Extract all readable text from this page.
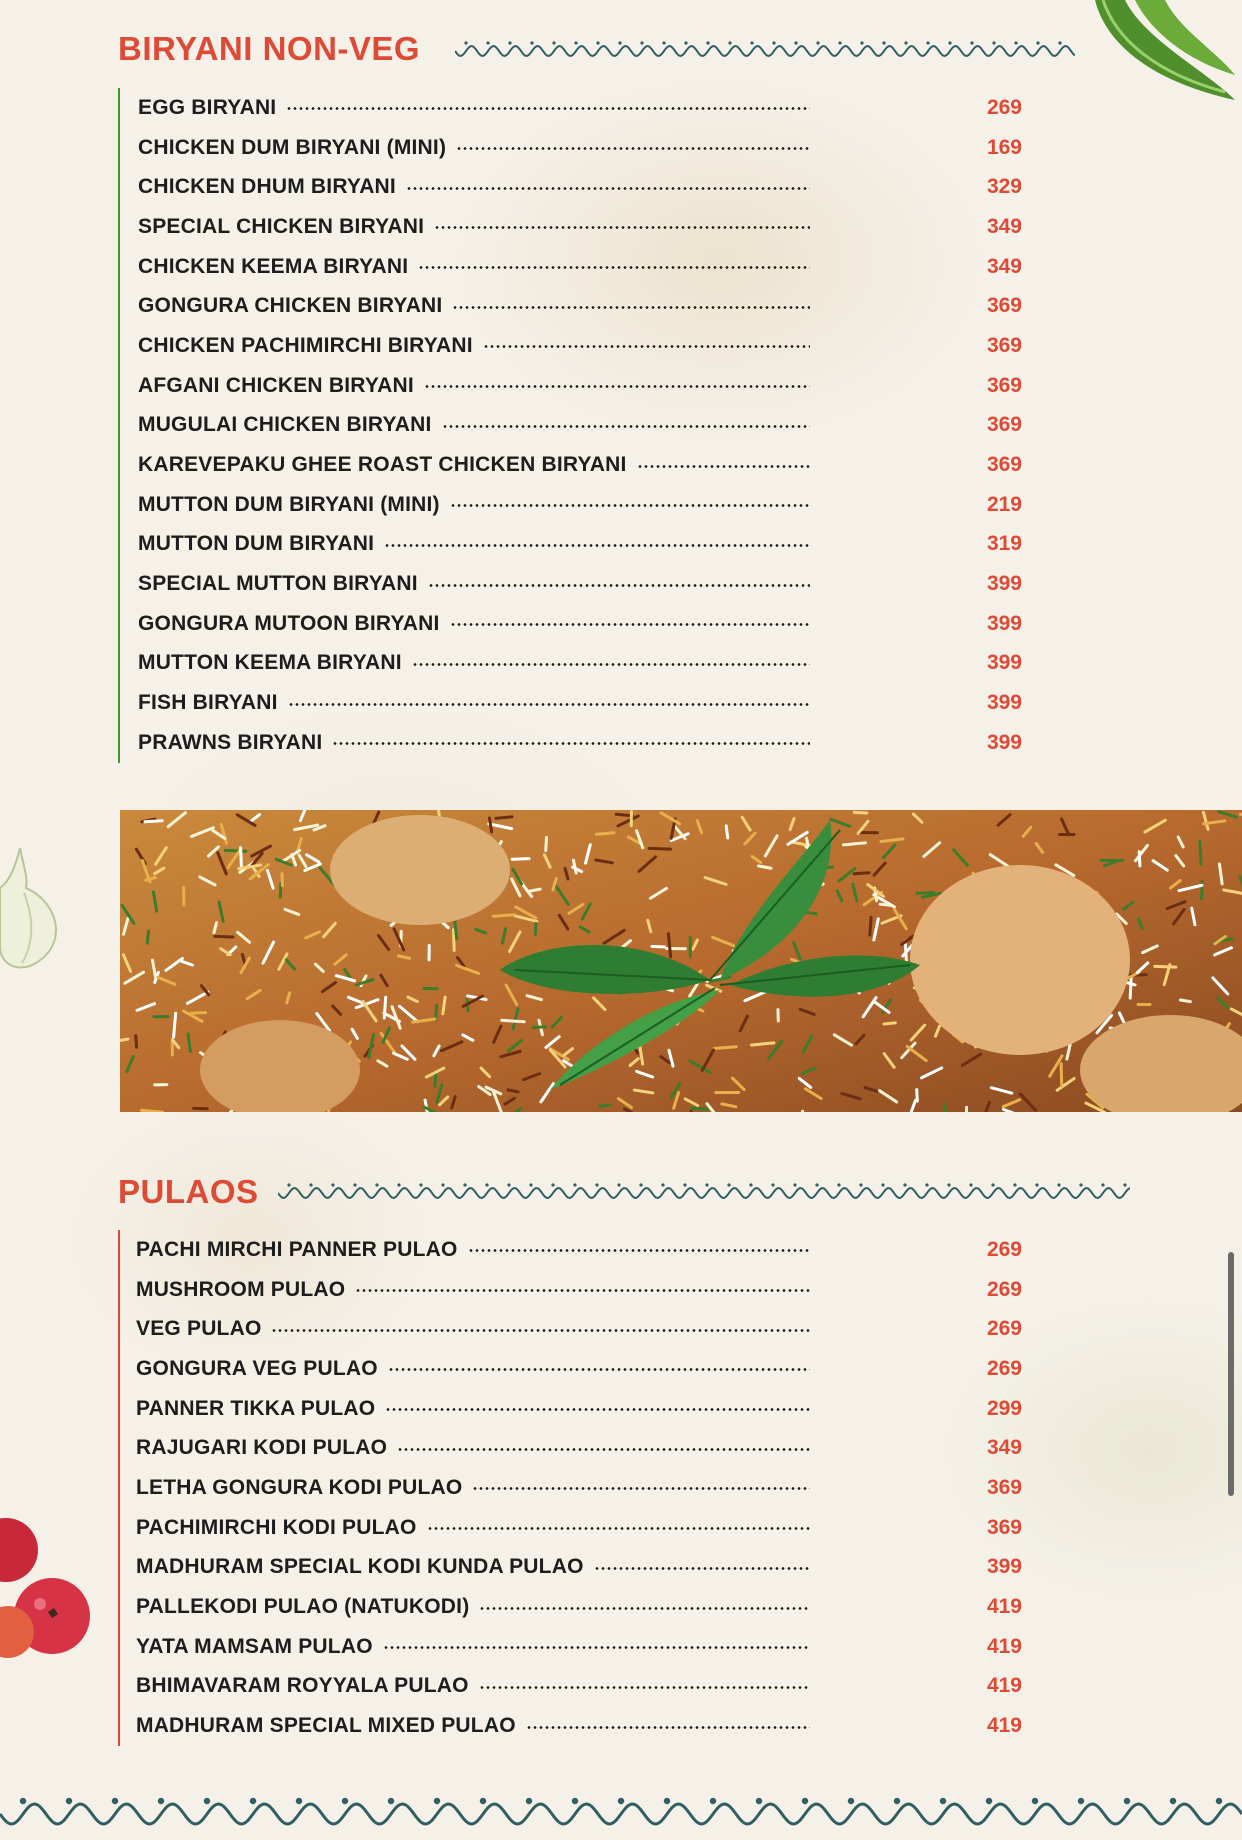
BIRYANI NON-VEG
EGG BIRYANI	269
CHICKEN DUM BIRYANI (MINI)	169
CHICKEN DHUM BIRYANI	329
SPECIAL CHICKEN BIRYANI	349
CHICKEN KEEMA BIRYANI	349
GONGURA CHICKEN BIRYANI	369
CHICKEN PACHIMIRCHI BIRYANI	369
AFGANI CHICKEN BIRYANI	369
MUGULAI CHICKEN BIRYANI	369
KAREVEPAKU GHEE ROAST CHICKEN BIRYANI	369
MUTTON DUM BIRYANI (MINI)	219
MUTTON DUM BIRYANI	319
SPECIAL MUTTON BIRYANI	399
GONGURA MUTOON BIRYANI	399
MUTTON KEEMA BIRYANI	399
FISH BIRYANI	399
PRAWNS BIRYANI	399
PULAOS
PACHI MIRCHI PANNER PULAO	269
MUSHROOM PULAO	269
VEG PULAO	269
GONGURA VEG PULAO	269
PANNER TIKKA PULAO	299
RAJUGARI KODI PULAO	349
LETHA GONGURA KODI PULAO	369
PACHIMIRCHI KODI PULAO	369
MADHURAM SPECIAL KODI KUNDA PULAO	399
PALLEKODI PULAO (NATUKODI)	419
YATA MAMSAM PULAO	419
BHIMAVARAM ROYYALA PULAO	419
MADHURAM SPECIAL MIXED PULAO	419
